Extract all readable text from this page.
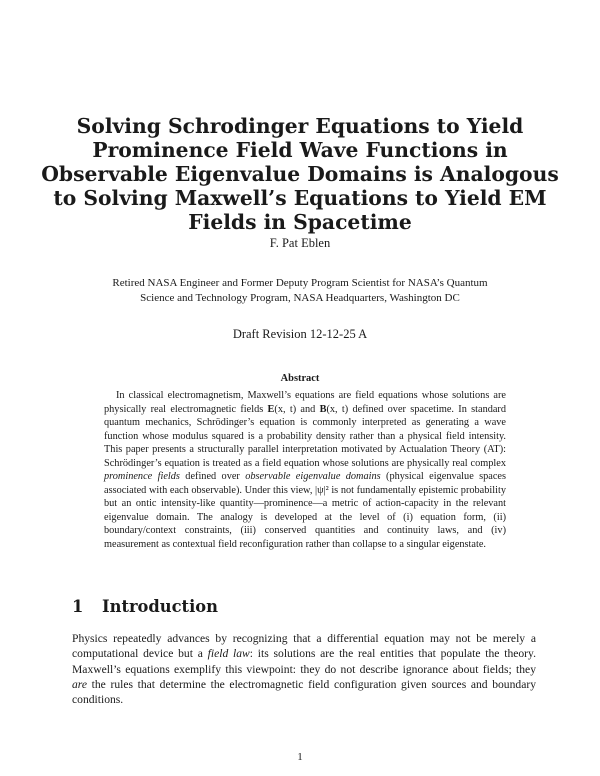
Solving Schrodinger Equations to Yield
Prominence Field Wave Functions in
Observable Eigenvalue Domains is Analogous
to Solving Maxwell’s Equations to Yield EM
Fields in Spacetime

F. Pat Eblen

Retired NASA Engineer and Former Deputy Program Scientist for NASA’s Quantum
Science and Technology Program, NASA Headquarters, Washington DC

Draft Revision 12-12-25 A

Abstract

In classical electromagnetism, Maxwell’s equations are field equations whose solutions are physically real electromagnetic fields E(x, t) and B(x, t) defined over spacetime. In standard quantum mechanics, Schrödinger’s equation is commonly interpreted as generating a wave function whose modulus squared is a probability density rather than a physical field intensity. This paper presents a structurally parallel interpretation motivated by Actualation Theory (AT): Schrödinger’s equation is treated as a field equation whose solutions are physically real complex prominence fields defined over observable eigenvalue domains (physical eigenvalue spaces associated with each observable). Under this view, |ψ|² is not fundamentally epistemic probability but an ontic intensity-like quantity—prominence—a metric of action-capacity in the relevant eigenvalue domain. The analogy is developed at the level of (i) equation form, (ii) boundary/context constraints, (iii) conserved quantities and continuity laws, and (iv) measurement as contextual field reconfiguration rather than collapse to a singular eigenstate.

1 Introduction

Physics repeatedly advances by recognizing that a differential equation may not be merely a computational device but a field law: its solutions are the real entities that populate the theory. Maxwell’s equations exemplify this viewpoint: they do not describe ignorance about fields; they are the rules that determine the electromagnetic field configuration given sources and boundary conditions.

1
